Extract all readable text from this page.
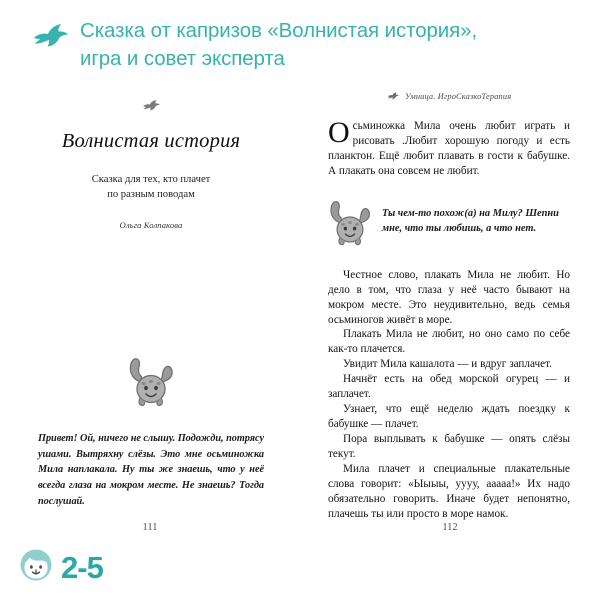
Сказка от капризов «Волнистая история»,
игра и совет эксперта
Волнистая история
Сказка для тех, кто плачет
по разным поводам
Ольга Колпакова

Привет! Ой, ничего не слышу. Подожди, потрясу ушами. Вытряхну слёзы. Это мне осьминожка Мила наплакала. Ну ты же знаешь, что у неё всегда глаза на мокром месте. Не знаешь? Тогда послушай.

111
Умница. ИгроСказкоТерапия

Осьминожка Мила очень любит играть и рисовать .Любит хорошую погоду и есть планктон. Ещё любит плавать в гости к бабушке. А плакать она совсем не любит.

Ты чем-то похож(а) на Милу? Шепни мне, что ты любишь, а что нет.

Честное слово, плакать Мила не любит. Но дело в том, что глаза у неё часто бывают на мокром месте. Это неудивительно, ведь семья осьминогов живёт в море.

Плакать Мила не любит, но оно само по себе как-то плачется.

Увидит Мила кашалота — и вдруг заплачет.

Начнёт есть на обед морской огурец — и заплачет.

Узнает, что ещё неделю ждать поездку к бабушке — плачет.

Пора выплывать к бабушке — опять слёзы текут.

Мила плачет и специальные плакательные слова говорит: «Ыыыы, уууу, ааааа!» Их надо обязательно говорить. Иначе будет непонятно, плачешь ты или просто в море намок.

112
2-5
